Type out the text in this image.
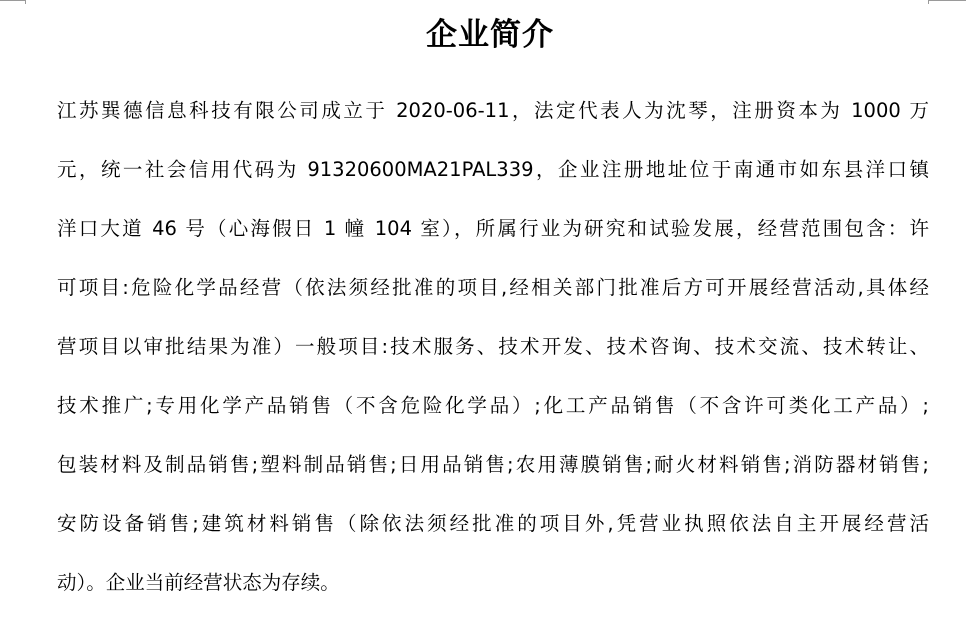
企业简介
江苏巽德信息科技有限公司成立于 2020-06-11，法定代表人为沈琴，注册资本为 1000 万
元，统一社会信用代码为 91320600MA21PAL339，企业注册地址位于南通市如东县洋口镇
洋口大道 46 号（心海假日 1 幢 104 室），所属行业为研究和试验发展，经营范围包含：许
可项目:危险化学品经营（依法须经批准的项目,经相关部门批准后方可开展经营活动,具体经
营项目以审批结果为准）一般项目:技术服务、技术开发、技术咨询、技术交流、技术转让、
技术推广;专用化学产品销售（不含危险化学品）;化工产品销售（不含许可类化工产品）;
包装材料及制品销售;塑料制品销售;日用品销售;农用薄膜销售;耐火材料销售;消防器材销售;
安防设备销售;建筑材料销售（除依法须经批准的项目外,凭营业执照依法自主开展经营活
动）。企业当前经营状态为存续。
